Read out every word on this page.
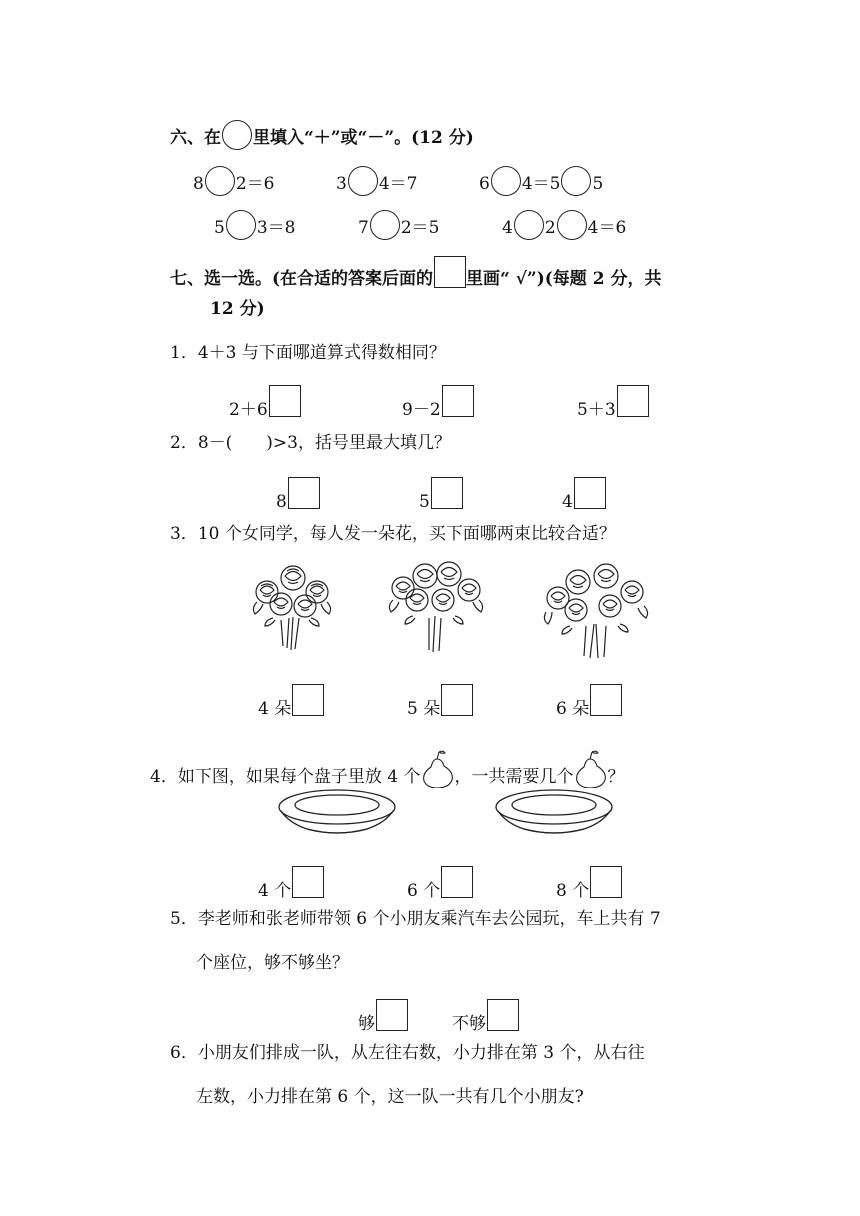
六、在 里填入“＋”或“－”。(12 分)
8 2＝6	3 4＝7	6 4＝5 5
5 3＝8	7 2＝5	4 2 4＝6
七、选一选。(在合适的答案后面的 里画“ √”)(每题 2 分，共
12 分)
1．4＋3 与下面哪道算式得数相同？
2＋6	9－2	5＋3
2．8－(　　)>3，括号里最大填几？
8	5	4
3．10 个女同学，每人发一朵花，买下面哪两束比较合适？
4 朵	5 朵	6 朵
4．如下图，如果每个盘子里放 4 个 ，一共需要几个 ？
4 个	6 个	8 个
5．李老师和张老师带领 6 个小朋友乘汽车去公园玩，车上共有 7
个座位，够不够坐？
够	不够
6．小朋友们排成一队，从左往右数，小力排在第 3 个，从右往
左数，小力排在第 6 个，这一队一共有几个小朋友?
